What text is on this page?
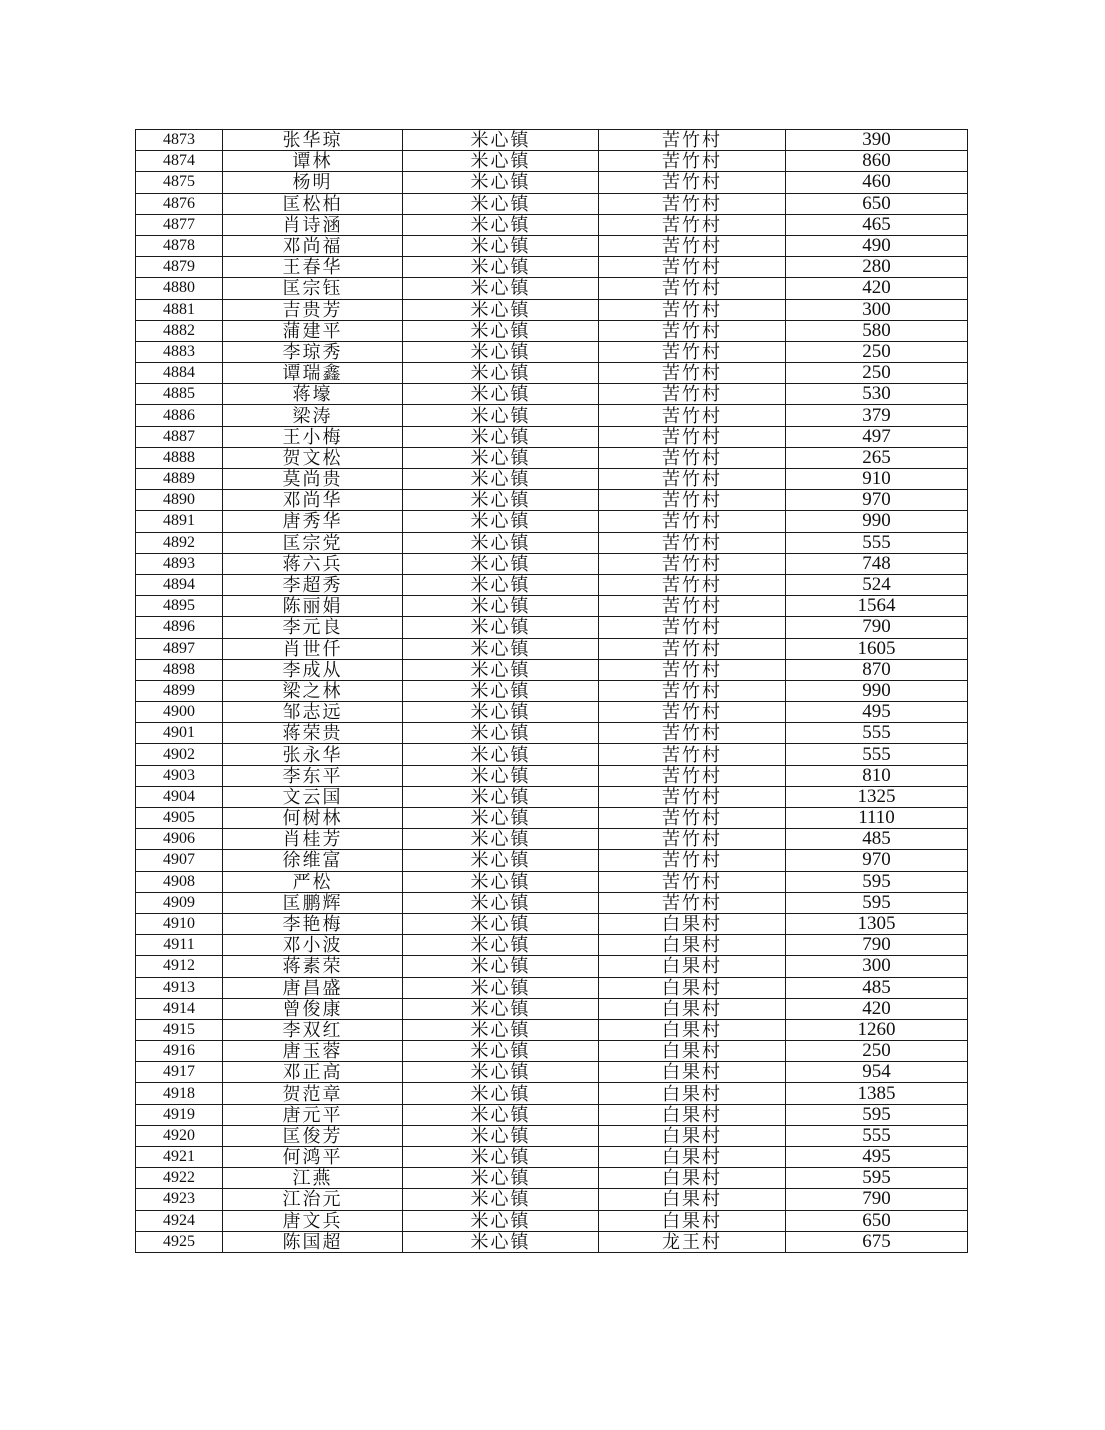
4873	张华琼	米心镇	苦竹村	390
4874	谭林	米心镇	苦竹村	860
4875	杨明	米心镇	苦竹村	460
4876	匡松柏	米心镇	苦竹村	650
4877	肖诗涵	米心镇	苦竹村	465
4878	邓尚福	米心镇	苦竹村	490
4879	王春华	米心镇	苦竹村	280
4880	匡宗钰	米心镇	苦竹村	420
4881	吉贵芳	米心镇	苦竹村	300
4882	蒲建平	米心镇	苦竹村	580
4883	李琼秀	米心镇	苦竹村	250
4884	谭瑞鑫	米心镇	苦竹村	250
4885	蒋壕	米心镇	苦竹村	530
4886	梁涛	米心镇	苦竹村	379
4887	王小梅	米心镇	苦竹村	497
4888	贺文松	米心镇	苦竹村	265
4889	莫尚贵	米心镇	苦竹村	910
4890	邓尚华	米心镇	苦竹村	970
4891	唐秀华	米心镇	苦竹村	990
4892	匡宗党	米心镇	苦竹村	555
4893	蒋六兵	米心镇	苦竹村	748
4894	李超秀	米心镇	苦竹村	524
4895	陈丽娟	米心镇	苦竹村	1564
4896	李元良	米心镇	苦竹村	790
4897	肖世仟	米心镇	苦竹村	1605
4898	李成从	米心镇	苦竹村	870
4899	梁之林	米心镇	苦竹村	990
4900	邹志远	米心镇	苦竹村	495
4901	蒋荣贵	米心镇	苦竹村	555
4902	张永华	米心镇	苦竹村	555
4903	李东平	米心镇	苦竹村	810
4904	文云国	米心镇	苦竹村	1325
4905	何树林	米心镇	苦竹村	1110
4906	肖桂芳	米心镇	苦竹村	485
4907	徐维富	米心镇	苦竹村	970
4908	严松	米心镇	苦竹村	595
4909	匡鹏辉	米心镇	苦竹村	595
4910	李艳梅	米心镇	白果村	1305
4911	邓小波	米心镇	白果村	790
4912	蒋素荣	米心镇	白果村	300
4913	唐昌盛	米心镇	白果村	485
4914	曾俊康	米心镇	白果村	420
4915	李双红	米心镇	白果村	1260
4916	唐玉蓉	米心镇	白果村	250
4917	邓正高	米心镇	白果村	954
4918	贺范章	米心镇	白果村	1385
4919	唐元平	米心镇	白果村	595
4920	匡俊芳	米心镇	白果村	555
4921	何鸿平	米心镇	白果村	495
4922	江燕	米心镇	白果村	595
4923	江治元	米心镇	白果村	790
4924	唐文兵	米心镇	白果村	650
4925	陈国超	米心镇	龙王村	675
